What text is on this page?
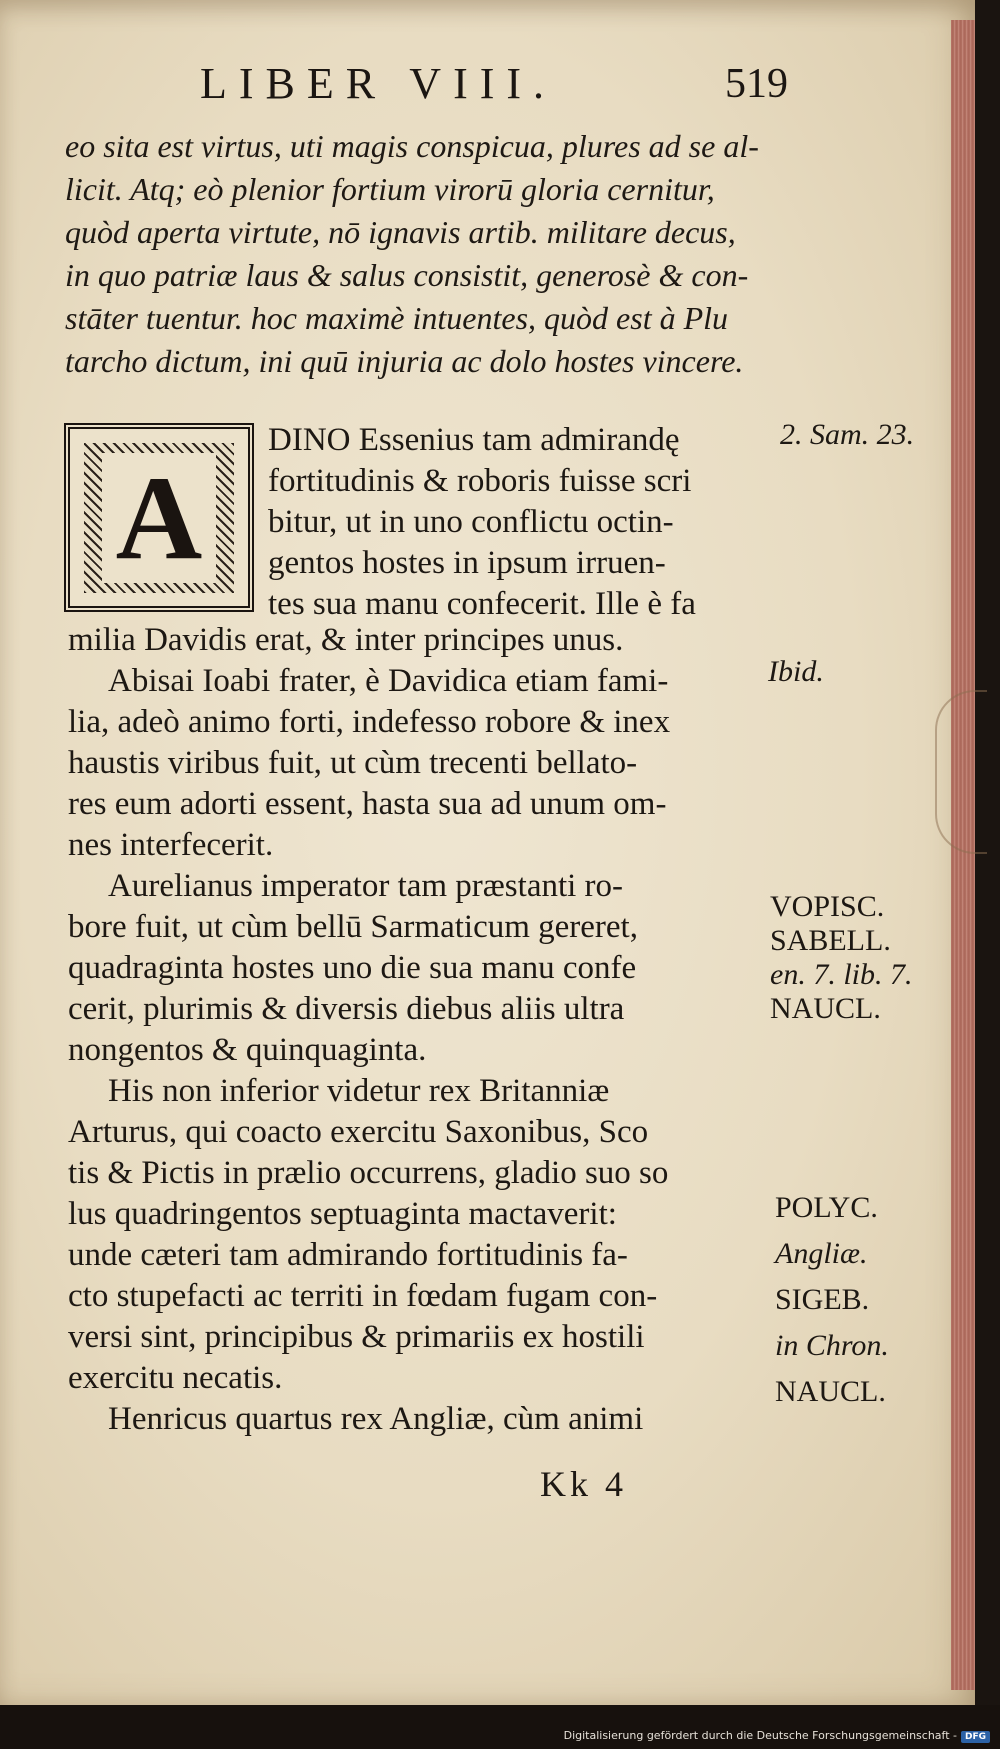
LIBER VIII.	519
eo sita est virtus, uti magis conspicua, plures ad se al-
licit. Atq; eò plenior fortium virorū gloria cernitur,
quòd aperta virtute, nō ignavis artib. militare decus,
in quo patriæ laus & salus consistit, generosè & con-
stāter tuentur. hoc maximè intuentes, quòd est à Plu
tarcho dictum, ini quū injuria ac dolo hostes vincere.
A
DINO Essenius tam admirandę
fortitudinis & roboris fuisse scri
bitur, ut in uno conflictu octin-
gentos hostes in ipsum irruen-
tes sua manu confecerit. Ille è fa
milia Davidis erat, & inter principes unus.
Abisai Ioabi frater, è Davidica etiam fami-
lia, adeò animo forti, indefesso robore & inex
haustis viribus fuit, ut cùm trecenti bellato-
res eum adorti essent, hasta sua ad unum om-
nes interfecerit.
Aurelianus imperator tam præstanti ro-
bore fuit, ut cùm bellū Sarmaticum gereret,
quadraginta hostes uno die sua manu confe
cerit, plurimis & diversis diebus aliis ultra
nongentos & quinquaginta.
His non inferior videtur rex Britanniæ
Arturus, qui coacto exercitu Saxonibus, Sco
tis & Pictis in prælio occurrens, gladio suo so
lus quadringentos septuaginta mactaverit:
unde cæteri tam admirando fortitudinis fa-
cto stupefacti ac territi in fœdam fugam con-
versi sint, principibus & primariis ex hostili
exercitu necatis.
Henricus quartus rex Angliæ, cùm animi
2. Sam. 23.
Ibid.
VOPISC.
SABELL.
en. 7. lib. 7.
NAUCL.
POLYC.
Angliæ.
SIGEB.
in Chron.
NAUCL.
Kk 4
Digitalisierung gefördert durch die Deutsche Forschungsgemeinschaft - DFG
